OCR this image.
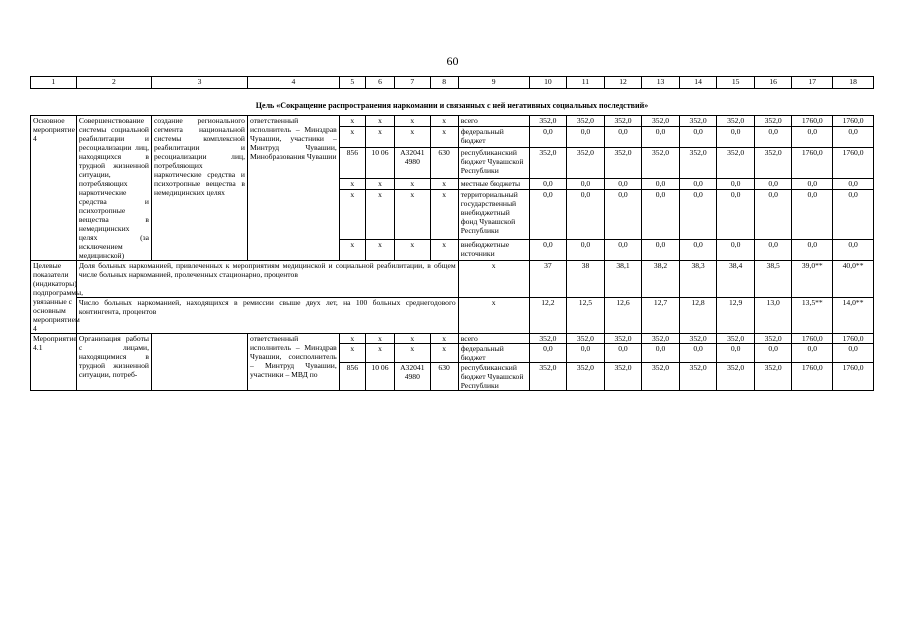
60
1	2	3	4	5	6	7	8	9	10	11	12	13	14	15	16	17	18

Цель «Сокращение распространения наркомании и связанных с ней негативных социальных последствий»																	
Основное мероприятие 4	Совершенствование системы социальной реабилитации и ресоциализации лиц, находящихся в трудной жизненной ситуации, потребляющих наркотические средства и психотропные вещества в немедицинских целях (за исключением медицинской)	создание регионального сегмента национальной системы комплексной реабилитации и ресоциализации лиц, потребляющих наркотические средства и психотропные вещества в немедицинских целях	ответственный исполнитель – Минздрав Чувашии, участники – Минтруд Чувашии, Минобразования Чувашии	x	x	x	x	всего	352,0	352,0	352,0	352,0	352,0	352,0	352,0	1760,0	1760,0
				x	x	x	x	федеральный бюджет	0,0	0,0	0,0	0,0	0,0	0,0	0,0	0,0	0,0
				856	10 06	A32041 4980	630	республиканский бюджет Чувашской Республики	352,0	352,0	352,0	352,0	352,0	352,0	352,0	1760,0	1760,0
				x	x	x	x	местные бюджеты	0,0	0,0	0,0	0,0	0,0	0,0	0,0	0,0	0,0
				x	x	x	x	территориальный государственный внебюджетный фонд Чувашской Республики	0,0	0,0	0,0	0,0	0,0	0,0	0,0	0,0	0,0
				x	x	x	x	внебюджетные источники	0,0	0,0	0,0	0,0	0,0	0,0	0,0	0,0	0,0
Целевые показатели (индикаторы) подпрограммы, увязанные с основным мероприятием 4	Доля больных наркоманией, привлеченных к мероприятиям медицинской и социальной реабилитации, в общем числе больных наркоманией, пролеченных стационарно, процентов							x	37	38	38,1	38,2	38,3	38,4	38,5	39,0**	40,0**
	Число больных наркоманией, находящихся в ремиссии свыше двух лет, на 100 больных среднегодового контингента, процентов							x	12,2	12,5	12,6	12,7	12,8	12,9	13,0	13,5**	14,0**
Мероприятие 4.1	Организация работы с лицами, находящимися в трудной жизненной ситуации, потреб-		ответственный исполнитель – Минздрав Чувашии, соисполнитель – Минтруд Чувашии, участники – МВД по	x	x	x	x	всего	352,0	352,0	352,0	352,0	352,0	352,0	352,0	1760,0	1760,0
				x	x	x	x	федеральный бюджет	0,0	0,0	0,0	0,0	0,0	0,0	0,0	0,0	0,0
				856	10 06	A32041 4980	630	республиканский бюджет Чувашской Республики	352,0	352,0	352,0	352,0	352,0	352,0	352,0	1760,0	1760,0
